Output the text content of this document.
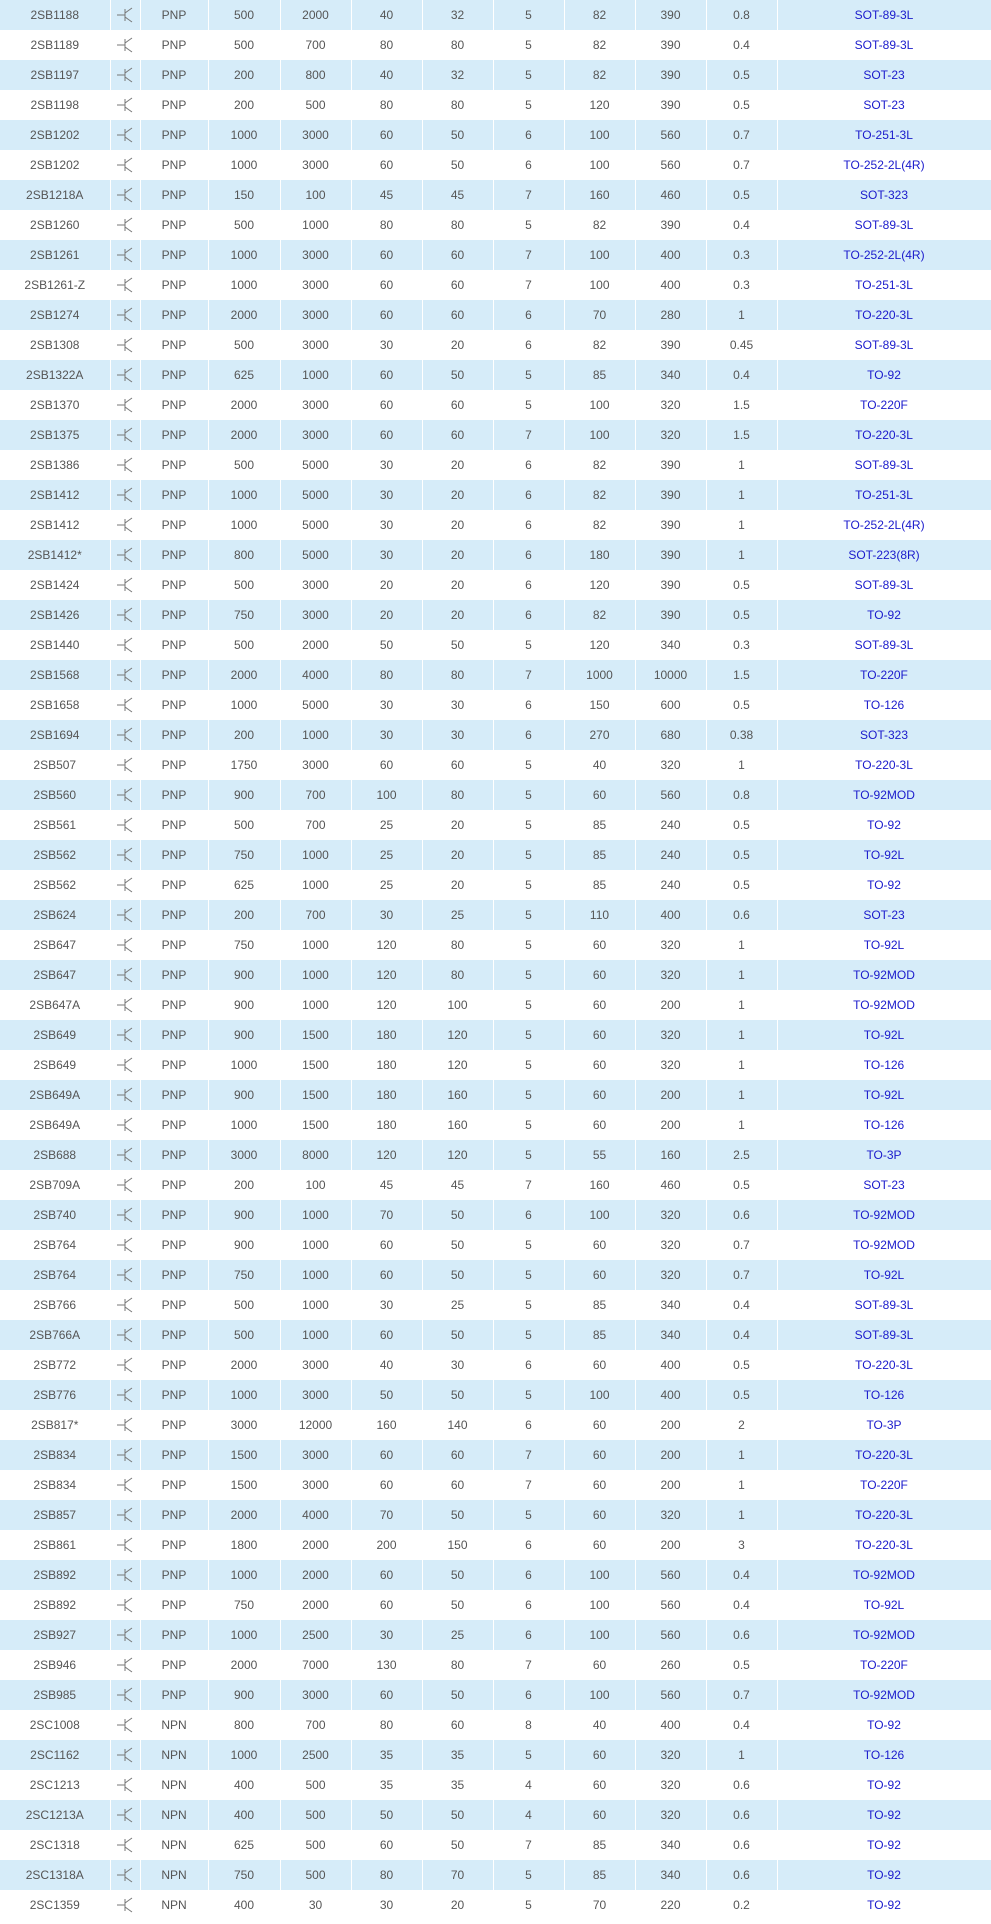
2SB1188		PNP	500	2000	40	32	5	82	390	0.8	SOT-89-3L
2SB1189		PNP	500	700	80	80	5	82	390	0.4	SOT-89-3L
2SB1197		PNP	200	800	40	32	5	82	390	0.5	SOT-23
2SB1198		PNP	200	500	80	80	5	120	390	0.5	SOT-23
2SB1202		PNP	1000	3000	60	50	6	100	560	0.7	TO-251-3L
2SB1202		PNP	1000	3000	60	50	6	100	560	0.7	TO-252-2L(4R)
2SB1218A		PNP	150	100	45	45	7	160	460	0.5	SOT-323
2SB1260		PNP	500	1000	80	80	5	82	390	0.4	SOT-89-3L
2SB1261		PNP	1000	3000	60	60	7	100	400	0.3	TO-252-2L(4R)
2SB1261-Z		PNP	1000	3000	60	60	7	100	400	0.3	TO-251-3L
2SB1274		PNP	2000	3000	60	60	6	70	280	1	TO-220-3L
2SB1308		PNP	500	3000	30	20	6	82	390	0.45	SOT-89-3L
2SB1322A		PNP	625	1000	60	50	5	85	340	0.4	TO-92
2SB1370		PNP	2000	3000	60	60	5	100	320	1.5	TO-220F
2SB1375		PNP	2000	3000	60	60	7	100	320	1.5	TO-220-3L
2SB1386		PNP	500	5000	30	20	6	82	390	1	SOT-89-3L
2SB1412		PNP	1000	5000	30	20	6	82	390	1	TO-251-3L
2SB1412		PNP	1000	5000	30	20	6	82	390	1	TO-252-2L(4R)
2SB1412*		PNP	800	5000	30	20	6	180	390	1	SOT-223(8R)
2SB1424		PNP	500	3000	20	20	6	120	390	0.5	SOT-89-3L
2SB1426		PNP	750	3000	20	20	6	82	390	0.5	TO-92
2SB1440		PNP	500	2000	50	50	5	120	340	0.3	SOT-89-3L
2SB1568		PNP	2000	4000	80	80	7	1000	10000	1.5	TO-220F
2SB1658		PNP	1000	5000	30	30	6	150	600	0.5	TO-126
2SB1694		PNP	200	1000	30	30	6	270	680	0.38	SOT-323
2SB507		PNP	1750	3000	60	60	5	40	320	1	TO-220-3L
2SB560		PNP	900	700	100	80	5	60	560	0.8	TO-92MOD
2SB561		PNP	500	700	25	20	5	85	240	0.5	TO-92
2SB562		PNP	750	1000	25	20	5	85	240	0.5	TO-92L
2SB562		PNP	625	1000	25	20	5	85	240	0.5	TO-92
2SB624		PNP	200	700	30	25	5	110	400	0.6	SOT-23
2SB647		PNP	750	1000	120	80	5	60	320	1	TO-92L
2SB647		PNP	900	1000	120	80	5	60	320	1	TO-92MOD
2SB647A		PNP	900	1000	120	100	5	60	200	1	TO-92MOD
2SB649		PNP	900	1500	180	120	5	60	320	1	TO-92L
2SB649		PNP	1000	1500	180	120	5	60	320	1	TO-126
2SB649A		PNP	900	1500	180	160	5	60	200	1	TO-92L
2SB649A		PNP	1000	1500	180	160	5	60	200	1	TO-126
2SB688		PNP	3000	8000	120	120	5	55	160	2.5	TO-3P
2SB709A		PNP	200	100	45	45	7	160	460	0.5	SOT-23
2SB740		PNP	900	1000	70	50	6	100	320	0.6	TO-92MOD
2SB764		PNP	900	1000	60	50	5	60	320	0.7	TO-92MOD
2SB764		PNP	750	1000	60	50	5	60	320	0.7	TO-92L
2SB766		PNP	500	1000	30	25	5	85	340	0.4	SOT-89-3L
2SB766A		PNP	500	1000	60	50	5	85	340	0.4	SOT-89-3L
2SB772		PNP	2000	3000	40	30	6	60	400	0.5	TO-220-3L
2SB776		PNP	1000	3000	50	50	5	100	400	0.5	TO-126
2SB817*		PNP	3000	12000	160	140	6	60	200	2	TO-3P
2SB834		PNP	1500	3000	60	60	7	60	200	1	TO-220-3L
2SB834		PNP	1500	3000	60	60	7	60	200	1	TO-220F
2SB857		PNP	2000	4000	70	50	5	60	320	1	TO-220-3L
2SB861		PNP	1800	2000	200	150	6	60	200	3	TO-220-3L
2SB892		PNP	1000	2000	60	50	6	100	560	0.4	TO-92MOD
2SB892		PNP	750	2000	60	50	6	100	560	0.4	TO-92L
2SB927		PNP	1000	2500	30	25	6	100	560	0.6	TO-92MOD
2SB946		PNP	2000	7000	130	80	7	60	260	0.5	TO-220F
2SB985		PNP	900	3000	60	50	6	100	560	0.7	TO-92MOD
2SC1008		NPN	800	700	80	60	8	40	400	0.4	TO-92
2SC1162		NPN	1000	2500	35	35	5	60	320	1	TO-126
2SC1213		NPN	400	500	35	35	4	60	320	0.6	TO-92
2SC1213A		NPN	400	500	50	50	4	60	320	0.6	TO-92
2SC1318		NPN	625	500	60	50	7	85	340	0.6	TO-92
2SC1318A		NPN	750	500	80	70	5	85	340	0.6	TO-92
2SC1359		NPN	400	30	30	20	5	70	220	0.2	TO-92
